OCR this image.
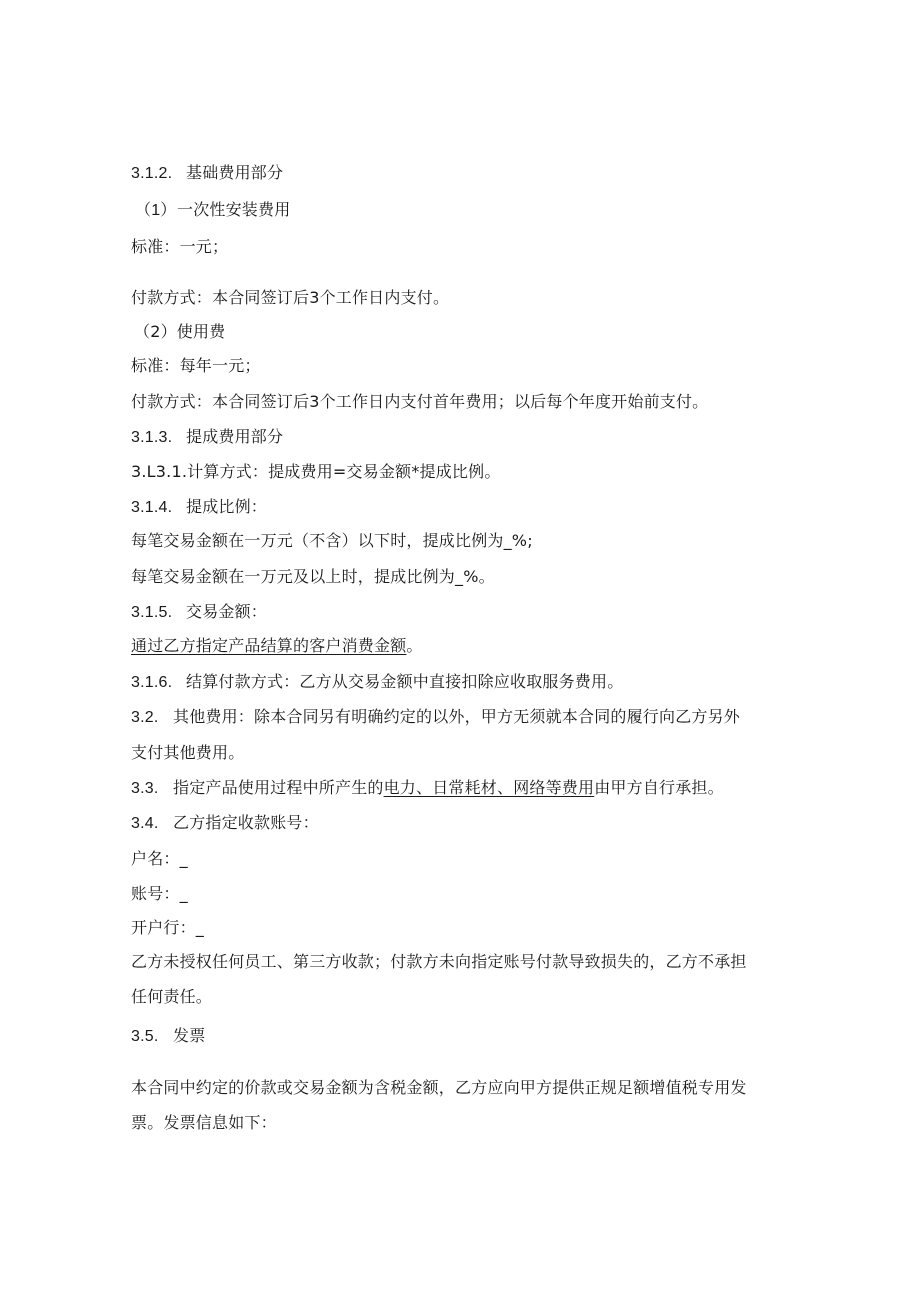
3.1.2. 基础费用部分
（1）一次性安装费用
标准：一元；
付款方式：本合同签订后3个工作日内支付。
（2）使用费
标准：每年一元；
付款方式：本合同签订后3个工作日内支付首年费用；以后每个年度开始前支付。
3.1.3. 提成费用部分
3.L3.1.计算方式：提成费用=交易金额*提成比例。
3.1.4. 提成比例：
每笔交易金额在一万元（不含）以下时，提成比例为_%;
每笔交易金额在一万元及以上时，提成比例为_%。
3.1.5. 交易金额：
通过乙方指定产品结算的客户消费金额。
3.1.6. 结算付款方式：乙方从交易金额中直接扣除应收取服务费用。
3.2. 其他费用：除本合同另有明确约定的以外，甲方无须就本合同的履行向乙方另外
支付其他费用。
3.3. 指定产品使用过程中所产生的电力、日常耗材、网络等费用由甲方自行承担。
3.4. 乙方指定收款账号：
户名：_
账号：_
开户行：_
乙方未授权任何员工、第三方收款；付款方未向指定账号付款导致损失的，乙方不承担
任何责任。
3.5. 发票
本合同中约定的价款或交易金额为含税金额，乙方应向甲方提供正规足额增值税专用发
票。发票信息如下：
